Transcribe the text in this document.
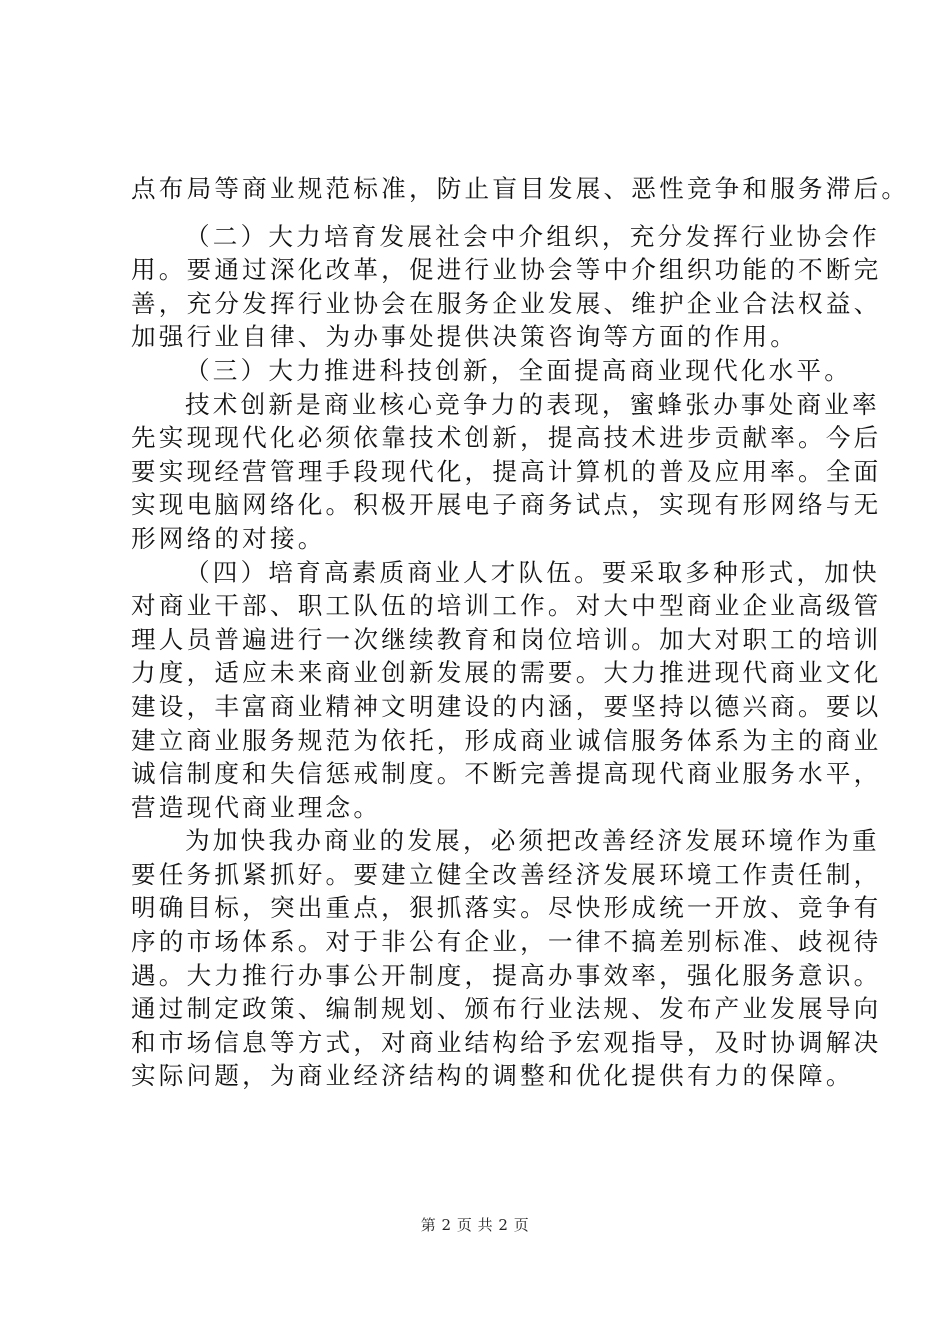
点布局等商业规范标准，防止盲目发展、恶性竞争和服务滞后。
（二）大力培育发展社会中介组织，充分发挥行业协会作
用。要通过深化改革，促进行业协会等中介组织功能的不断完
善，充分发挥行业协会在服务企业发展、维护企业合法权益、
加强行业自律、为办事处提供决策咨询等方面的作用。
（三）大力推进科技创新，全面提高商业现代化水平。
技术创新是商业核心竞争力的表现，蜜蜂张办事处商业率
先实现现代化必须依靠技术创新，提高技术进步贡献率。今后
要实现经营管理手段现代化，提高计算机的普及应用率。全面
实现电脑网络化。积极开展电子商务试点，实现有形网络与无
形网络的对接。
（四）培育高素质商业人才队伍。要采取多种形式，加快
对商业干部、职工队伍的培训工作。对大中型商业企业高级管
理人员普遍进行一次继续教育和岗位培训。加大对职工的培训
力度，适应未来商业创新发展的需要。大力推进现代商业文化
建设，丰富商业精神文明建设的内涵，要坚持以德兴商。要以
建立商业服务规范为依托，形成商业诚信服务体系为主的商业
诚信制度和失信惩戒制度。不断完善提高现代商业服务水平，
营造现代商业理念。
为加快我办商业的发展，必须把改善经济发展环境作为重
要任务抓紧抓好。要建立健全改善经济发展环境工作责任制，
明确目标，突出重点，狠抓落实。尽快形成统一开放、竞争有
序的市场体系。对于非公有企业，一律不搞差别标准、歧视待
遇。大力推行办事公开制度，提高办事效率，强化服务意识。
通过制定政策、编制规划、颁布行业法规、发布产业发展导向
和市场信息等方式，对商业结构给予宏观指导，及时协调解决
实际问题，为商业经济结构的调整和优化提供有力的保障。
第 2 页 共 2 页
